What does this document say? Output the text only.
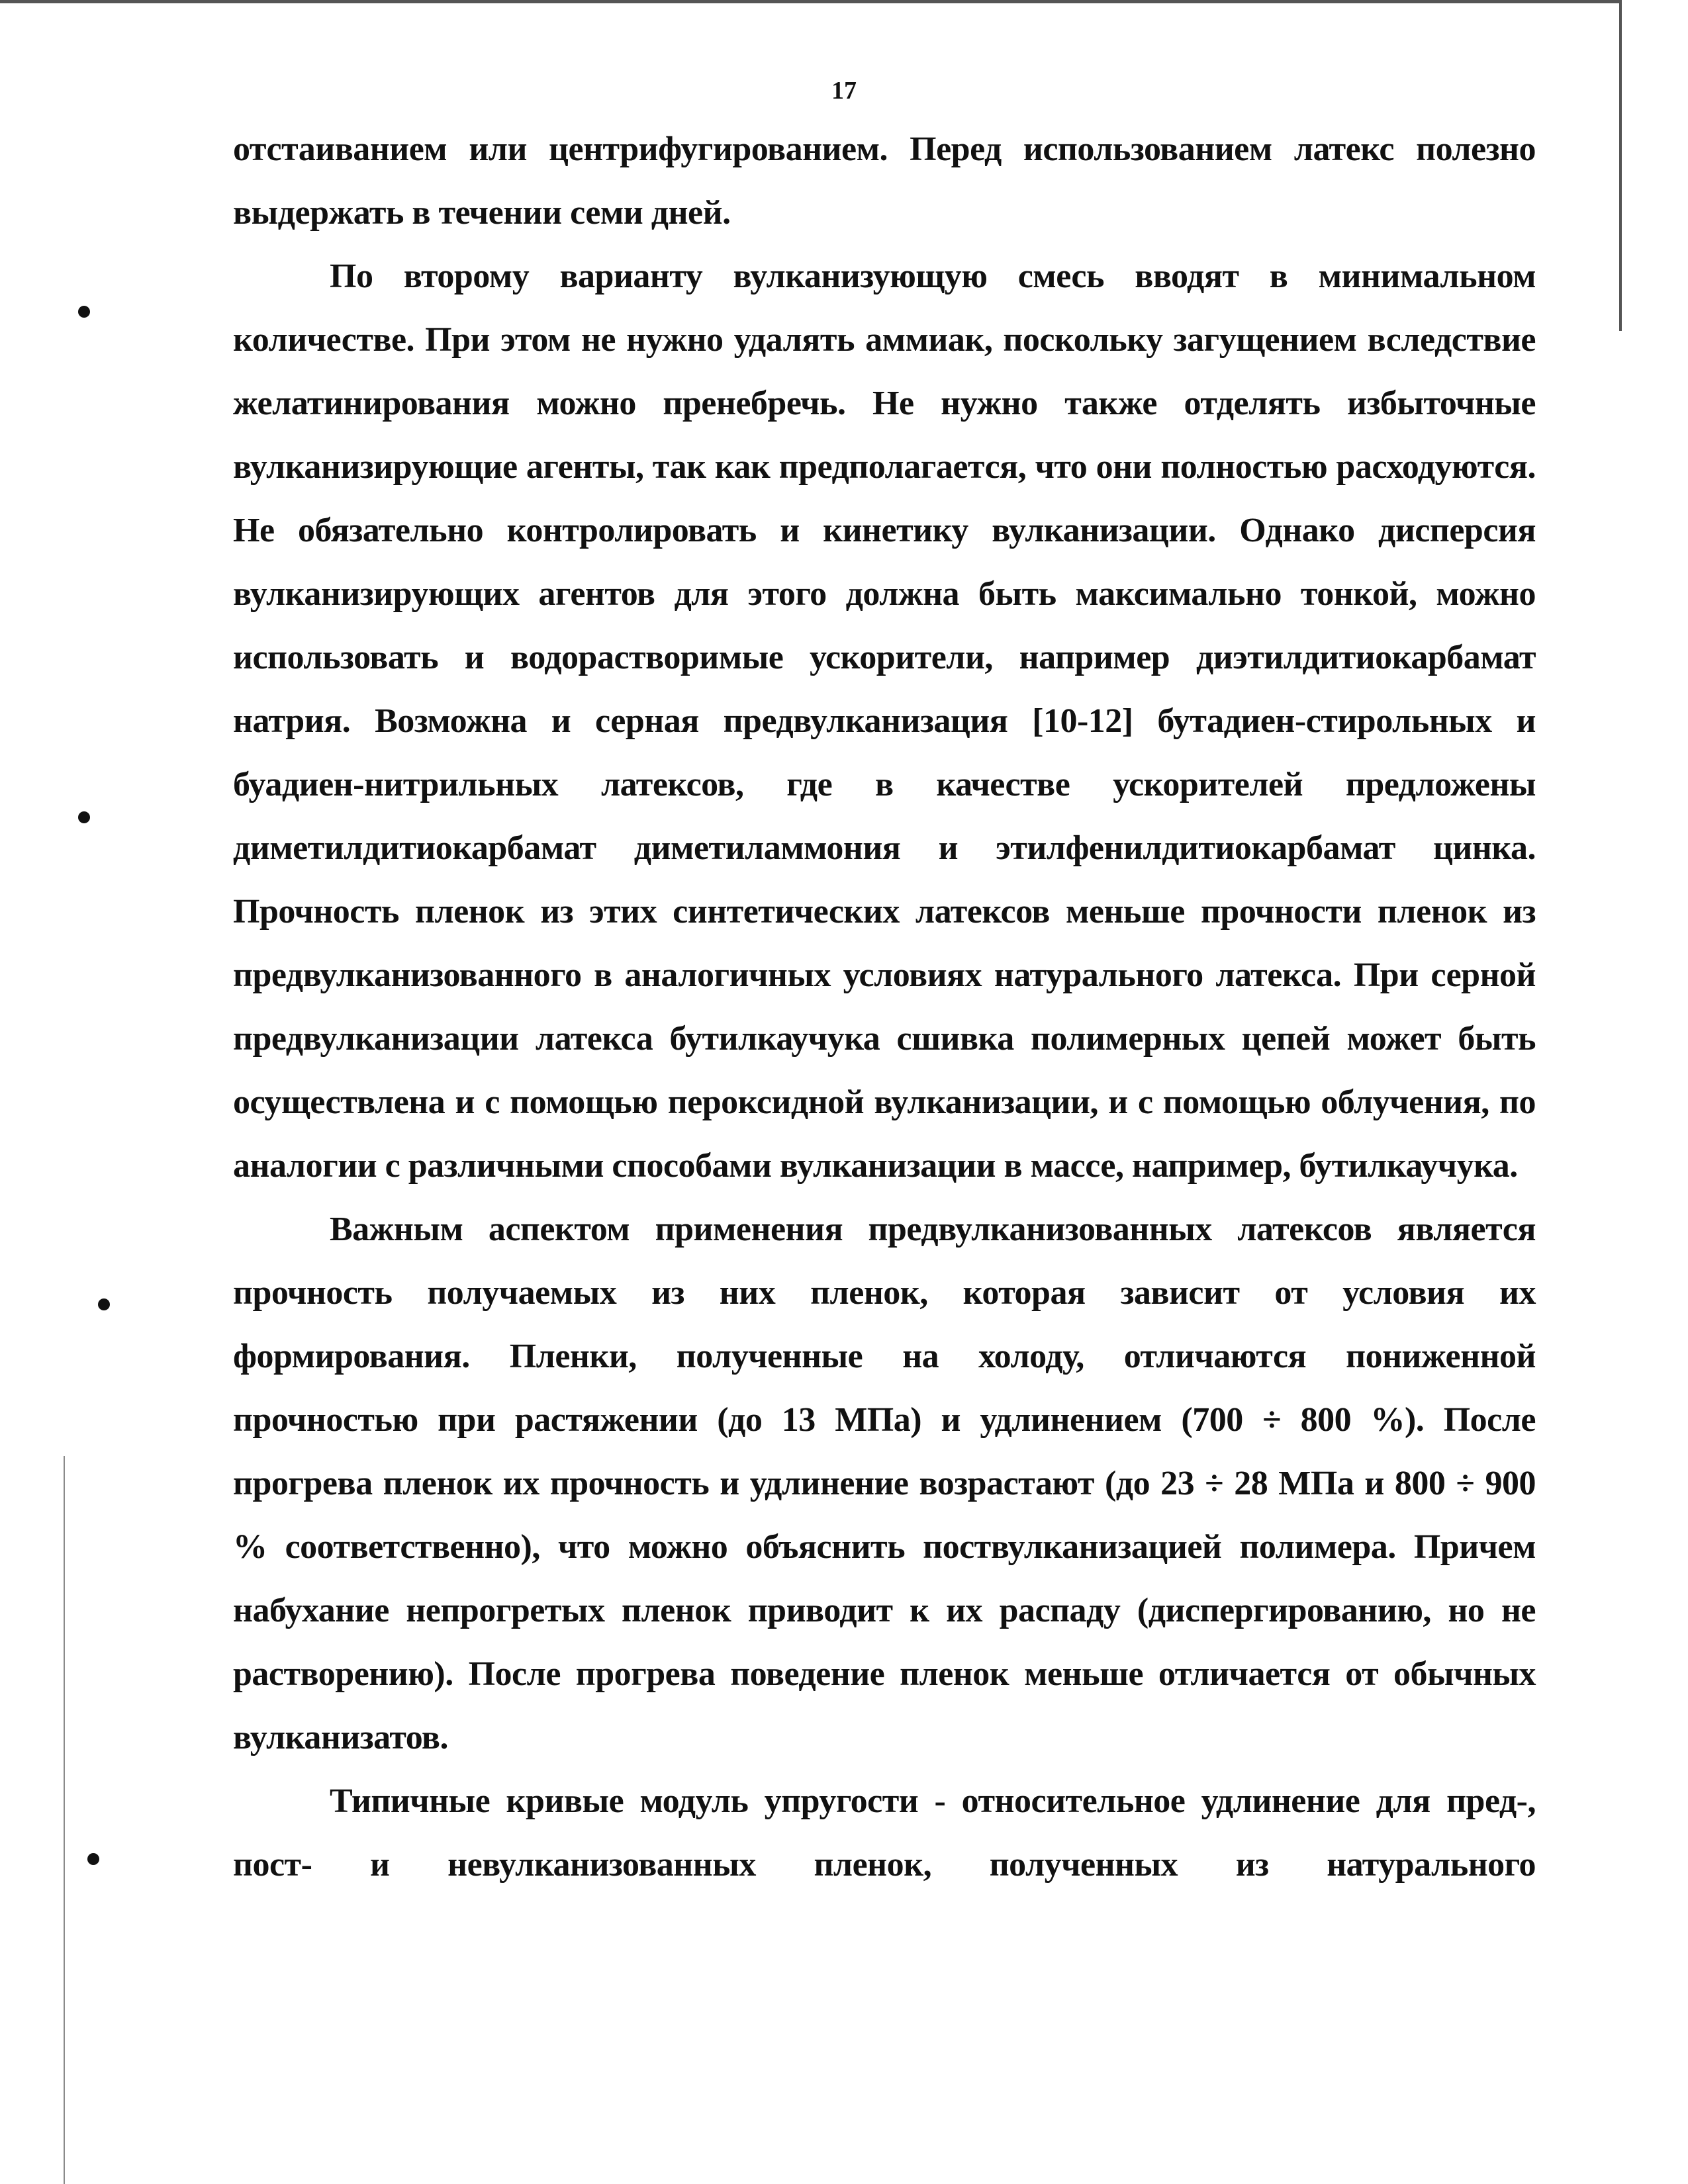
17

отстаиванием или центрифугированием. Перед использованием латекс полезно выдержать в течении семи дней.

По второму варианту вулканизующую смесь вводят в минимальном количестве. При этом не нужно удалять аммиак, поскольку загущением вследствие желатинирования можно пренебречь. Не нужно также отделять избыточные вулканизирующие агенты, так как предполагается, что они полностью расходуются. Не обязательно контролировать и кинетику вулканизации. Однако дисперсия вулканизирующих агентов для этого должна быть максимально тонкой, можно использовать и водорастворимые ускорители, например диэтилдитиокарбамат натрия. Возможна и серная предвулканизация [10-12] бутадиен-стирольных и буадиен-нитрильных латексов, где в качестве ускорителей предложены диметилдитиокарбамат диметиламмония и этилфенилдитиокарбамат цинка. Прочность пленок из этих синтетических латексов меньше прочности пленок из предвулканизованного в аналогичных условиях натурального латекса. При серной предвулканизации латекса бутилкаучука сшивка полимерных цепей может быть осуществлена и с помощью пероксидной вулканизации, и с помощью облучения, по аналогии с различными способами вулканизации в массе, например, бутилкаучука.

Важным аспектом применения предвулканизованных латексов является прочность получаемых из них пленок, которая зависит от условия их формирования. Пленки, полученные на холоду, отличаются пониженной прочностью при растяжении (до 13 МПа) и удлинением (700 ÷ 800 %). После прогрева пленок их прочность и удлинение возрастают (до 23 ÷ 28 МПа и 800 ÷ 900 % соответственно), что можно объяснить поствулканизацией полимера. Причем набухание непрогретых пленок приводит к их распаду (диспергированию, но не растворению). После прогрева поведение пленок меньше отличается от обычных вулканизатов.

Типичные кривые модуль упругости - относительное удлинение для пред-, пост- и невулканизованных пленок, полученных из натурального
